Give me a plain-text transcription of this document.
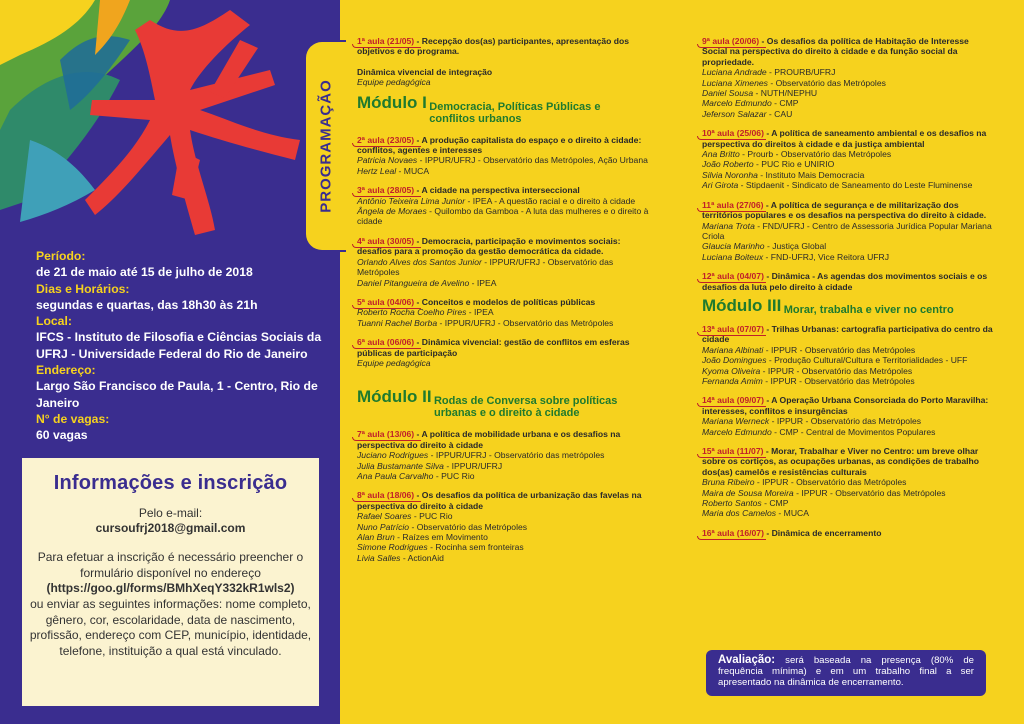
Período:
de 21 de maio até 15 de julho de 2018
Dias e Horários:
segundas e quartas, das 18h30 às 21h
Local:
IFCS - Instituto de Filosofia e Ciências Sociais da UFRJ - Universidade Federal do Rio de Janeiro
Endereço:
Largo São Francisco de Paula, 1 - Centro, Rio de Janeiro
N° de vagas:
60 vagas
Informações e inscrição
Pelo e-mail:
cursoufrj2018@gmail.com
Para efetuar a inscrição é necessário preencher o formulário disponível no endereço
(https://goo.gl/forms/BMhXeqY332kR1wls2)
ou enviar as seguintes informações: nome completo, gênero, cor, escolaridade, data de nascimento, profissão, endereço com CEP, município, identidade, telefone, instituição a qual está vinculado.
PROGRAMAÇÃO
1ª aula (21/05) - Recepção dos(as) participantes, apresentação dos objetivos e do programa.
Dinâmica vivencial de integração
Equipe pedagógica
Módulo I Democracia, Políticas Públicas e conflitos urbanos
2ª aula (23/05) - A produção capitalista do espaço e o direito à cidade: conflitos, agentes e interesses
Patricia Novaes - IPPUR/UFRJ - Observatório das Metrópoles, Ação Urbana
Hertz Leal - MUCA
3ª aula (28/05) - A cidade na perspectiva interseccional
Antônio Teixeira Lima Junior - IPEA - A questão racial e o direito à cidade
Ângela de Moraes - Quilombo da Gamboa - A luta das mulheres e o direito à cidade
4ª aula (30/05) - Democracia, participação e movimentos sociais: desafios para a promoção da gestão democrática da cidade.
Orlando Alves dos Santos Junior - IPPUR/UFRJ - Observatório das Metrópoles
Daniel Pitangueira de Avelino - IPEA
5ª aula (04/06) - Conceitos e modelos de políticas públicas
Roberto Rocha Coelho Pires - IPEA
Tuanni Rachel Borba - IPPUR/UFRJ - Observatório das Metrópoles
6ª aula (06/06) - Dinâmica vivencial: gestão de conflitos em esferas públicas de participação
Equipe pedagógica
Módulo II Rodas de Conversa sobre políticas urbanas e o direito à cidade
7ª aula (13/06) - A política de mobilidade urbana e os desafios na perspectiva do direito à cidade
Juciano Rodrigues - IPPUR/UFRJ - Observatório das metrópoles
Julia Bustamante Silva - IPPUR/UFRJ
Ana Paula Carvalho - PUC Rio
8ª aula (18/06) - Os desafios da política de urbanização das favelas na perspectiva do direito à cidade
Rafael Soares - PUC Rio
Nuno Patrício - Observatório das Metrópoles
Alan Brun - Raízes em Movimento
Simone Rodrigues - Rocinha sem fronteiras
Livia Salles - ActionAid
9ª aula (20/06) - Os desafios da política de Habitação de Interesse Social na perspectiva do direito à cidade e da função social da propriedade.
Luciana Andrade - PROURB/UFRJ
Luciana Ximenes - Observatório das Metrópoles
Daniel Sousa - NUTH/NEPHU
Marcelo Edmundo - CMP
Jeferson Salazar - CAU
10ª aula (25/06) - A política de saneamento ambiental e os desafios na perspectiva do direitos à cidade e da justiça ambiental
Ana Britto - Prourb - Observatório das Metrópoles
João Roberto - PUC Rio e UNIRIO
Silvia Noronha - Instituto Mais Democracia
Ari Girota - Stipdaenit - Sindicato de Saneamento do Leste Fluminense
11ª aula (27/06) - A política de segurança e de militarização dos territórios populares e os desafios na perspectiva do direito à cidade.
Mariana Trota - FND/UFRJ - Centro de Assessoria Jurídica Popular Mariana Criola
Glaucia Marinho - Justiça Global
Luciana Boiteux - FND-UFRJ, Vice Reitora UFRJ
12ª aula (04/07) - Dinâmica - As agendas dos movimentos sociais e os desafios da luta pelo direito à cidade
Módulo III Morar, trabalha e viver no centro
13ª aula (07/07) - Trilhas Urbanas: cartografia participativa do centro da cidade
Mariana Albinati - IPPUR - Observatório das Metrópoles
João Domingues - Produção Cultural/Cultura e Territorialidades - UFF
Kyoma Oliveira - IPPUR - Observatório das Metrópoles
Fernanda Amim - IPPUR - Observatório das Metrópoles
14ª aula (09/07) - A Operação Urbana Consorciada do Porto Maravilha: interesses, conflitos e insurgências
Mariana Werneck - IPPUR - Observatório das Metrópoles
Marcelo Edmundo - CMP - Central de Movimentos Populares
15ª aula (11/07) - Morar, Trabalhar e Viver no Centro: um breve olhar sobre os cortiços, as ocupações urbanas, as condições de trabalho dos(as) camelôs e resistências culturais
Bruna Ribeiro - IPPUR - Observatório das Metrópoles
Maira de Sousa Moreira - IPPUR - Observatório das Metrópoles
Roberto Santos - CMP
Maria dos Camelos - MUCA
16ª aula (16/07) - Dinâmica de encerramento
Avaliação: será baseada na presença (80% de frequência mínima) e em um trabalho final a ser apresentado na dinâmica de encerramento.
